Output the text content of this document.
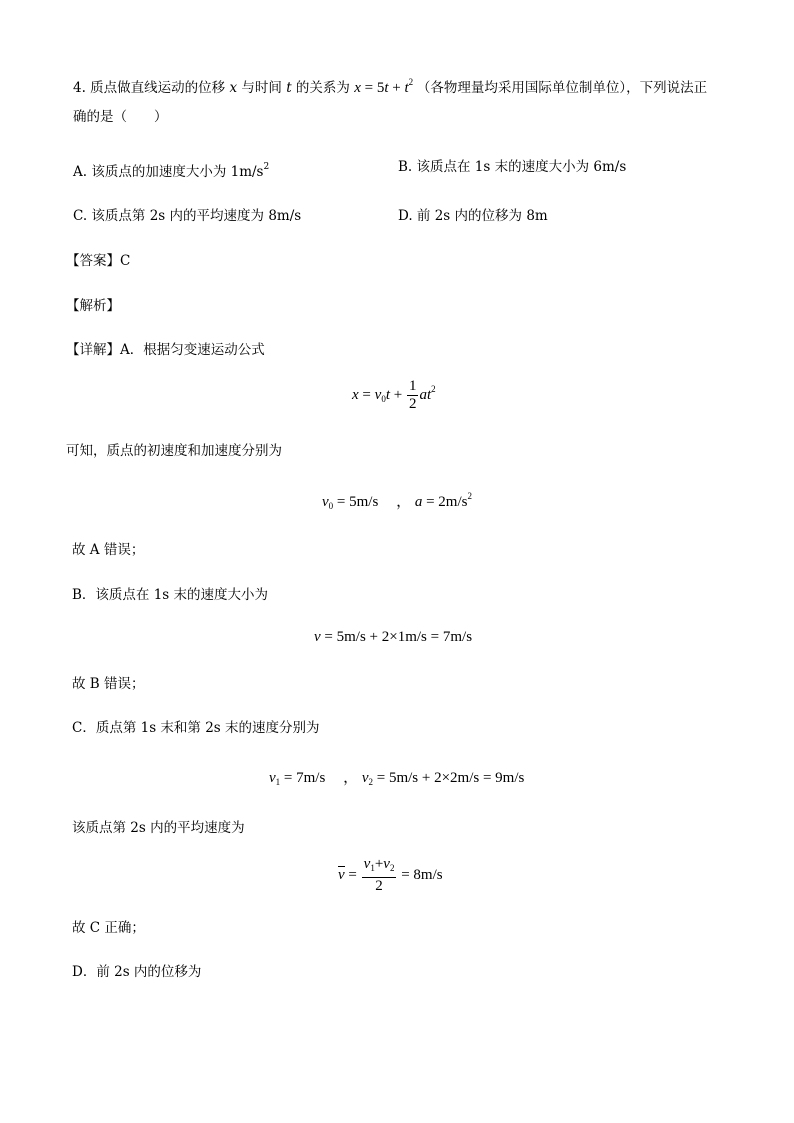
4. 质点做直线运动的位移 x 与时间 t 的关系为 $x = 5t + t^2$ （各物理量均采用国际单位制单位），下列说法正
确的是（　　）
A. 该质点的加速度大小为 $1m/s^2$	B. 该质点在 1s 末的速度大小为 6m/s
C. 该质点第 2s 内的平均速度为 8m/s	D. 前 2s 内的位移为 8m
【答案】C
【解析】
【详解】A．根据匀变速运动公式
$x = v_0t + \frac{1}{2} at^2$
可知，质点的初速度和加速度分别为
$v_0 = 5m/s$ ， $a = 2m/s^2$
故 A 错误；
B．该质点在 1s 末的速度大小为
v = 5m/s + 2×1m/s = 7m/s
故 B 错误；
C．质点第 1s 末和第 2s 末的速度分别为
$v_1 = 7m/s$ ， $v_2 = 5m/s + 2\times 2m/s = 9m/s$
该质点第 2s 内的平均速度为
$v = \frac{v_1+v_2}{2} = 8m/s$
故 C 正确；
D．前 2s 内的位移为
